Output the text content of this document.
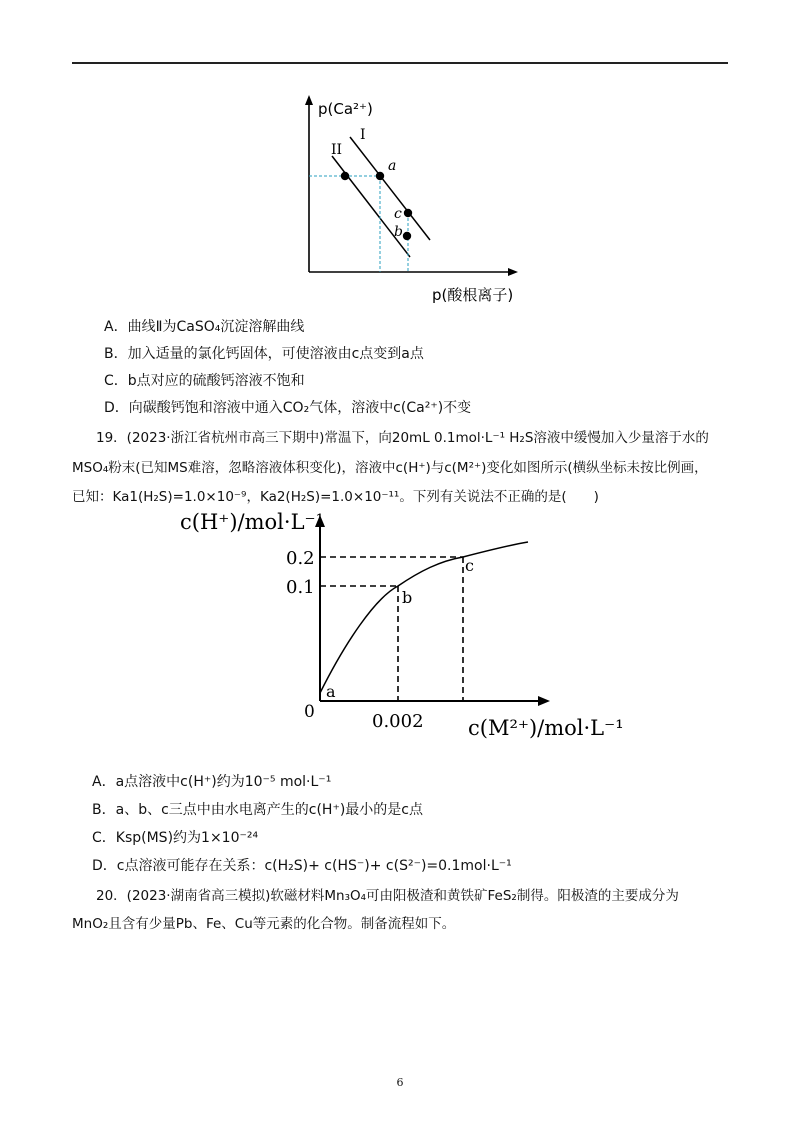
p(Ca²⁺)
p(酸根离子)
I
II
a
b
c
A．曲线Ⅱ为CaSO₄沉淀溶解曲线
B．加入适量的氯化钙固体，可使溶液由c点变到a点
C．b点对应的硫酸钙溶液不饱和
D．向碳酸钙饱和溶液中通入CO₂气体，溶液中c(Ca²⁺)不变
19．(2023·浙江省杭州市高三下期中)常温下，向20mL 0.1mol·L⁻¹ H₂S溶液中缓慢加入少量溶于水的
MSO₄粉末(已知MS难溶，忽略溶液体积变化)，溶液中c(H⁺)与c(M²⁺)变化如图所示(横纵坐标未按比例画，
已知：Ka1(H₂S)=1.0×10⁻⁹，Ka2(H₂S)=1.0×10⁻¹¹。下列有关说法不正确的是(　　)
c(H⁺)/mol·L⁻¹
c(M²⁺)/mol·L⁻¹
0.2
0.1
0	0.002
a
b
c
A．a点溶液中c(H⁺)约为10⁻⁵ mol·L⁻¹
B．a、b、c三点中由水电离产生的c(H⁺)最小的是c点
C．Ksp(MS)约为1×10⁻²⁴
D．c点溶液可能存在关系：c(H₂S)+ c(HS⁻)+ c(S²⁻)=0.1mol·L⁻¹
20．(2023·湖南省高三模拟)软磁材料Mn₃O₄可由阳极渣和黄铁矿FeS₂制得。阳极渣的主要成分为
MnO₂且含有少量Pb、Fe、Cu等元素的化合物。制备流程如下。
6
